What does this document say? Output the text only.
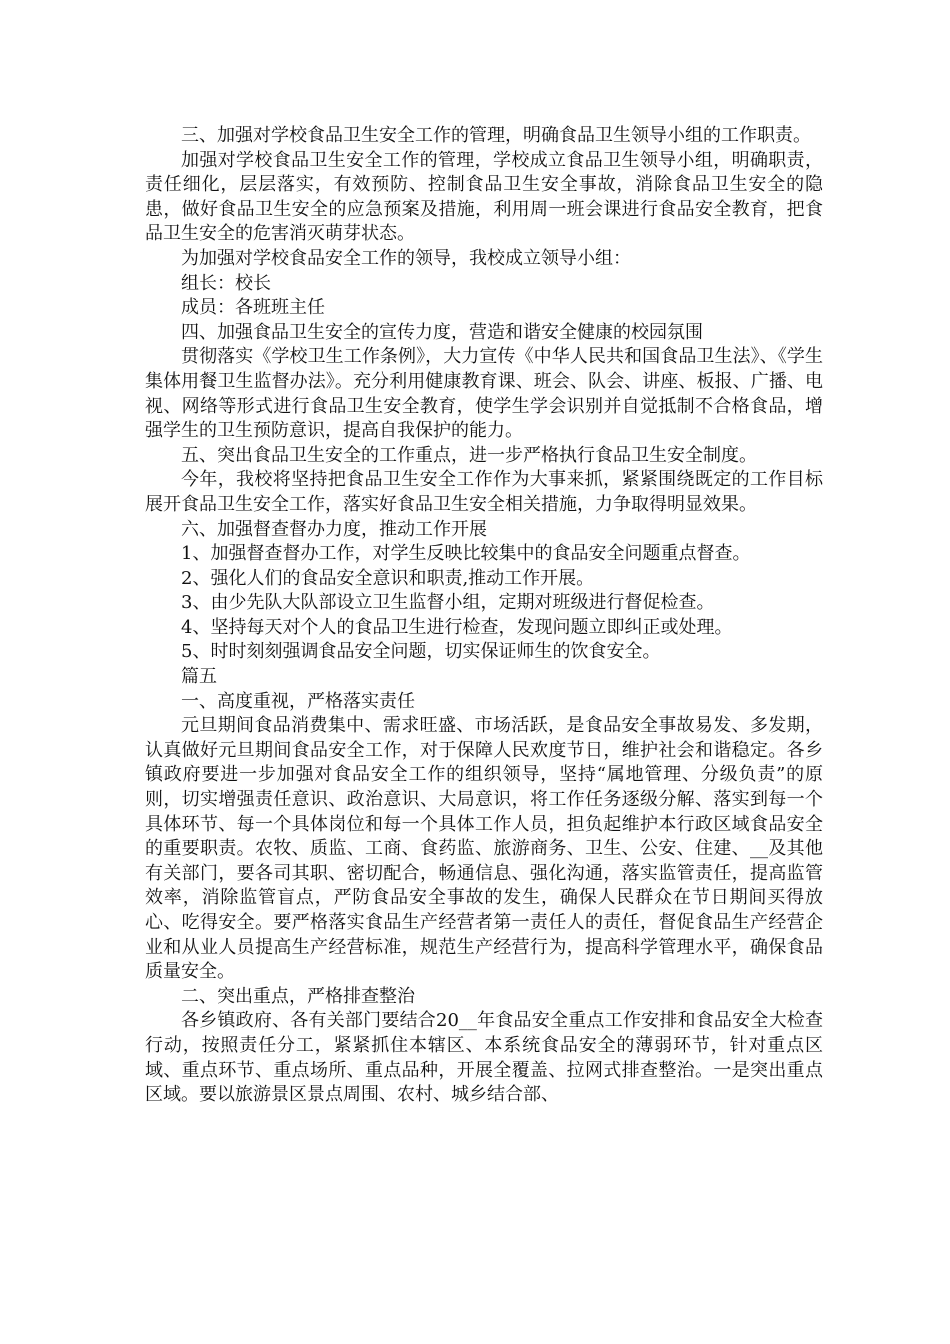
三、加强对学校食品卫生安全工作的管理，明确食品卫生领导小组的工作职责。

加强对学校食品卫生安全工作的管理，学校成立食品卫生领导小组，明确职责，责任细化，层层落实，有效预防、控制食品卫生安全事故，消除食品卫生安全的隐患，做好食品卫生安全的应急预案及措施，利用周一班会课进行食品安全教育，把食品卫生安全的危害消灭萌芽状态。

为加强对学校食品安全工作的领导，我校成立领导小组：

组长：校长

成员：各班班主任

四、加强食品卫生安全的宣传力度，营造和谐安全健康的校园氛围

贯彻落实《学校卫生工作条例》，大力宣传《中华人民共和国食品卫生法》、《学生集体用餐卫生监督办法》。充分利用健康教育课、班会、队会、讲座、板报、广播、电视、网络等形式进行食品卫生安全教育，使学生学会识别并自觉抵制不合格食品，增强学生的卫生预防意识，提高自我保护的能力。

五、突出食品卫生安全的工作重点，进一步严格执行食品卫生安全制度。

今年，我校将坚持把食品卫生安全工作作为大事来抓，紧紧围绕既定的工作目标展开食品卫生安全工作，落实好食品卫生安全相关措施，力争取得明显效果。

六、加强督查督办力度，推动工作开展

1、加强督查督办工作，对学生反映比较集中的食品安全问题重点督查。

2、强化人们的食品安全意识和职责,推动工作开展。

3、由少先队大队部设立卫生监督小组，定期对班级进行督促检查。

4、坚持每天对个人的食品卫生进行检查，发现问题立即纠正或处理。

5、时时刻刻强调食品安全问题，切实保证师生的饮食安全。

篇五

一、高度重视，严格落实责任

元旦期间食品消费集中、需求旺盛、市场活跃，是食品安全事故易发、多发期，认真做好元旦期间食品安全工作，对于保障人民欢度节日，维护社会和谐稳定。各乡镇政府要进一步加强对食品安全工作的组织领导，坚持“属地管理、分级负责”的原则，切实增强责任意识、政治意识、大局意识，将工作任务逐级分解、落实到每一个具体环节、每一个具体岗位和每一个具体工作人员，担负起维护本行政区域食品安全的重要职责。农牧、质监、工商、食药监、旅游商务、卫生、公安、住建、__及其他有关部门，要各司其职、密切配合，畅通信息、强化沟通，落实监管责任，提高监管效率，消除监管盲点，严防食品安全事故的发生，确保人民群众在节日期间买得放心、吃得安全。要严格落实食品生产经营者第一责任人的责任，督促食品生产经营企业和从业人员提高生产经营标准，规范生产经营行为，提高科学管理水平，确保食品质量安全。

二、突出重点，严格排查整治

各乡镇政府、各有关部门要结合20__年食品安全重点工作安排和食品安全大检查行动，按照责任分工，紧紧抓住本辖区、本系统食品安全的薄弱环节，针对重点区域、重点环节、重点场所、重点品种，开展全覆盖、拉网式排查整治。一是突出重点区域。要以旅游景区景点周围、农村、城乡结合部、
